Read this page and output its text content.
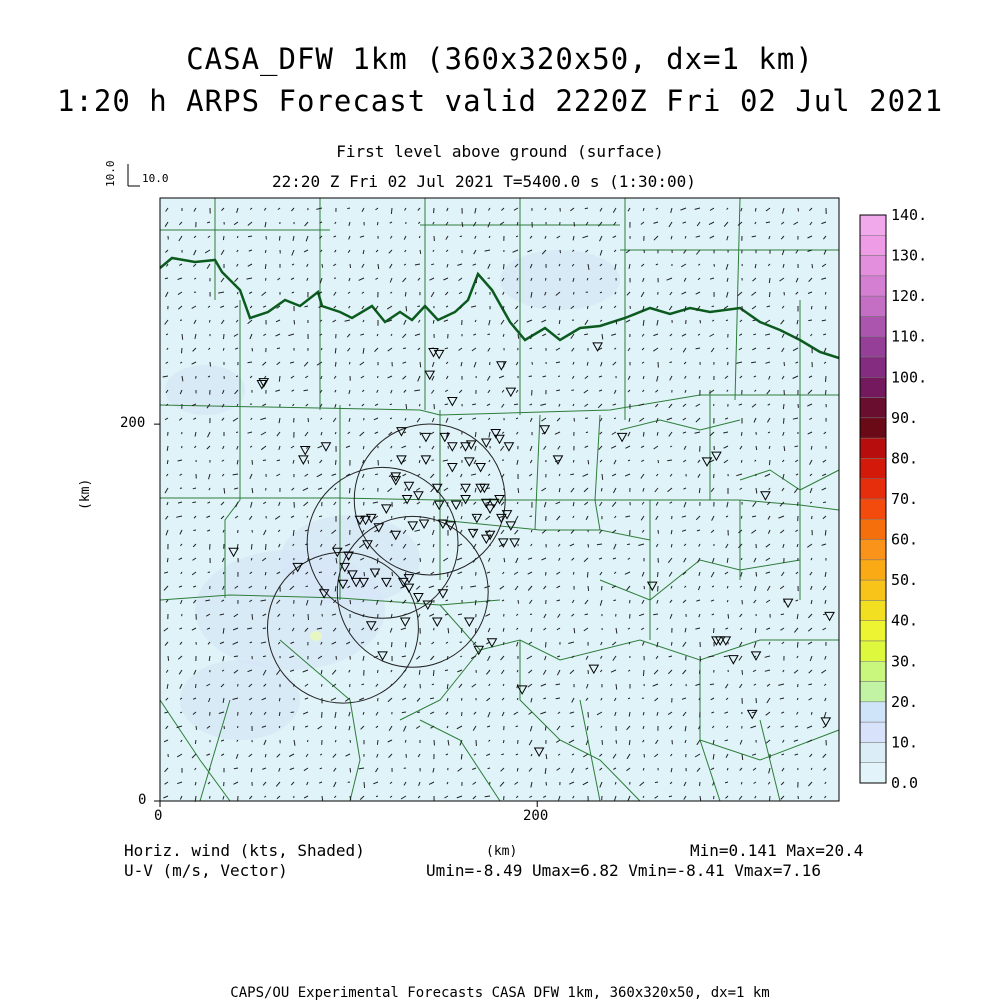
140.
130.
120.
110.
100.
90.
80.
70.
60.
50.
40.
30.
20.
10.
0.0
CASA_DFW 1km (360x320x50, dx=1 km)
1:20 h ARPS Forecast valid 2220Z Fri 02 Jul 2021
First level above ground (surface)
22:20 Z Fri 02 Jul 2021 T=5400.0 s (1:30:00)
10.0 10.0
(km)
(km)
200
0
0	200
Horiz. wind (kts, Shaded)
U-V (m/s, Vector)
Min=0.141 Max=20.4
Umin=-8.49 Umax=6.82 Vmin=-8.41 Vmax=7.16
CAPS/OU Experimental Forecasts CASA DFW 1km, 360x320x50, dx=1 km
